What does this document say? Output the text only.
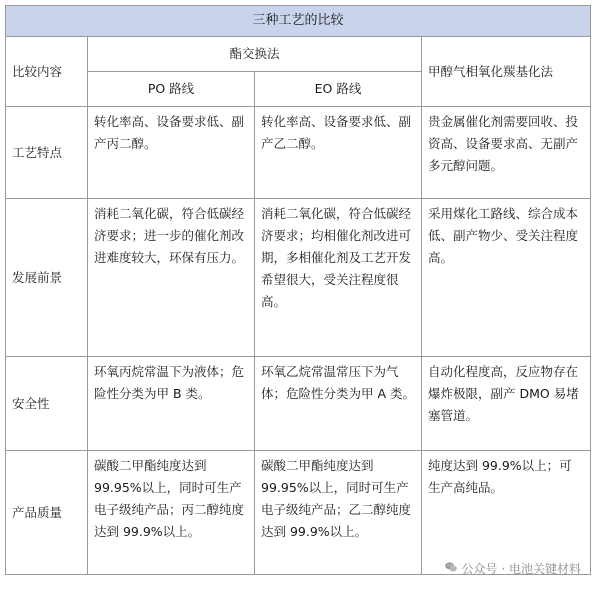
三种工艺的比较			
比较内容	酯交换法		甲醇气相氧化羰基化法
	PO 路线	EO 路线	
工艺特点	转化率高、设备要求低、副产丙二醇。	转化率高、设备要求低、副产乙二醇。	贵金属催化剂需要回收、投资高、设备要求高、无副产多元醇问题。

发展前景	消耗二氧化碳，符合低碳经济要求；进一步的催化剂改进难度较大，环保有压力。	消耗二氧化碳，符合低碳经济要求；均相催化剂改进可期，多相催化剂及工艺开发希望很大，受关注程度很高。	采用煤化工路线、综合成本低、副产物少、受关注程度高。

安全性	环氧丙烷常温下为液体；危险性分类为甲 B 类。	环氧乙烷常温常压下为气体；危险性分类为甲 A 类。	自动化程度高，反应物存在爆炸极限，副产 DMO 易堵塞管道。

产品质量	碳酸二甲酯纯度达到 99.95%以上，同时可生产电子级纯产品；丙二醇纯度达到 99.9%以上。	碳酸二甲酯纯度达到 99.95%以上，同时可生产电子级纯产品；乙二醇纯度达到 99.9%以上。	纯度达到 99.9%以上；可生产高纯品。

公众号 · 电池关键材料
